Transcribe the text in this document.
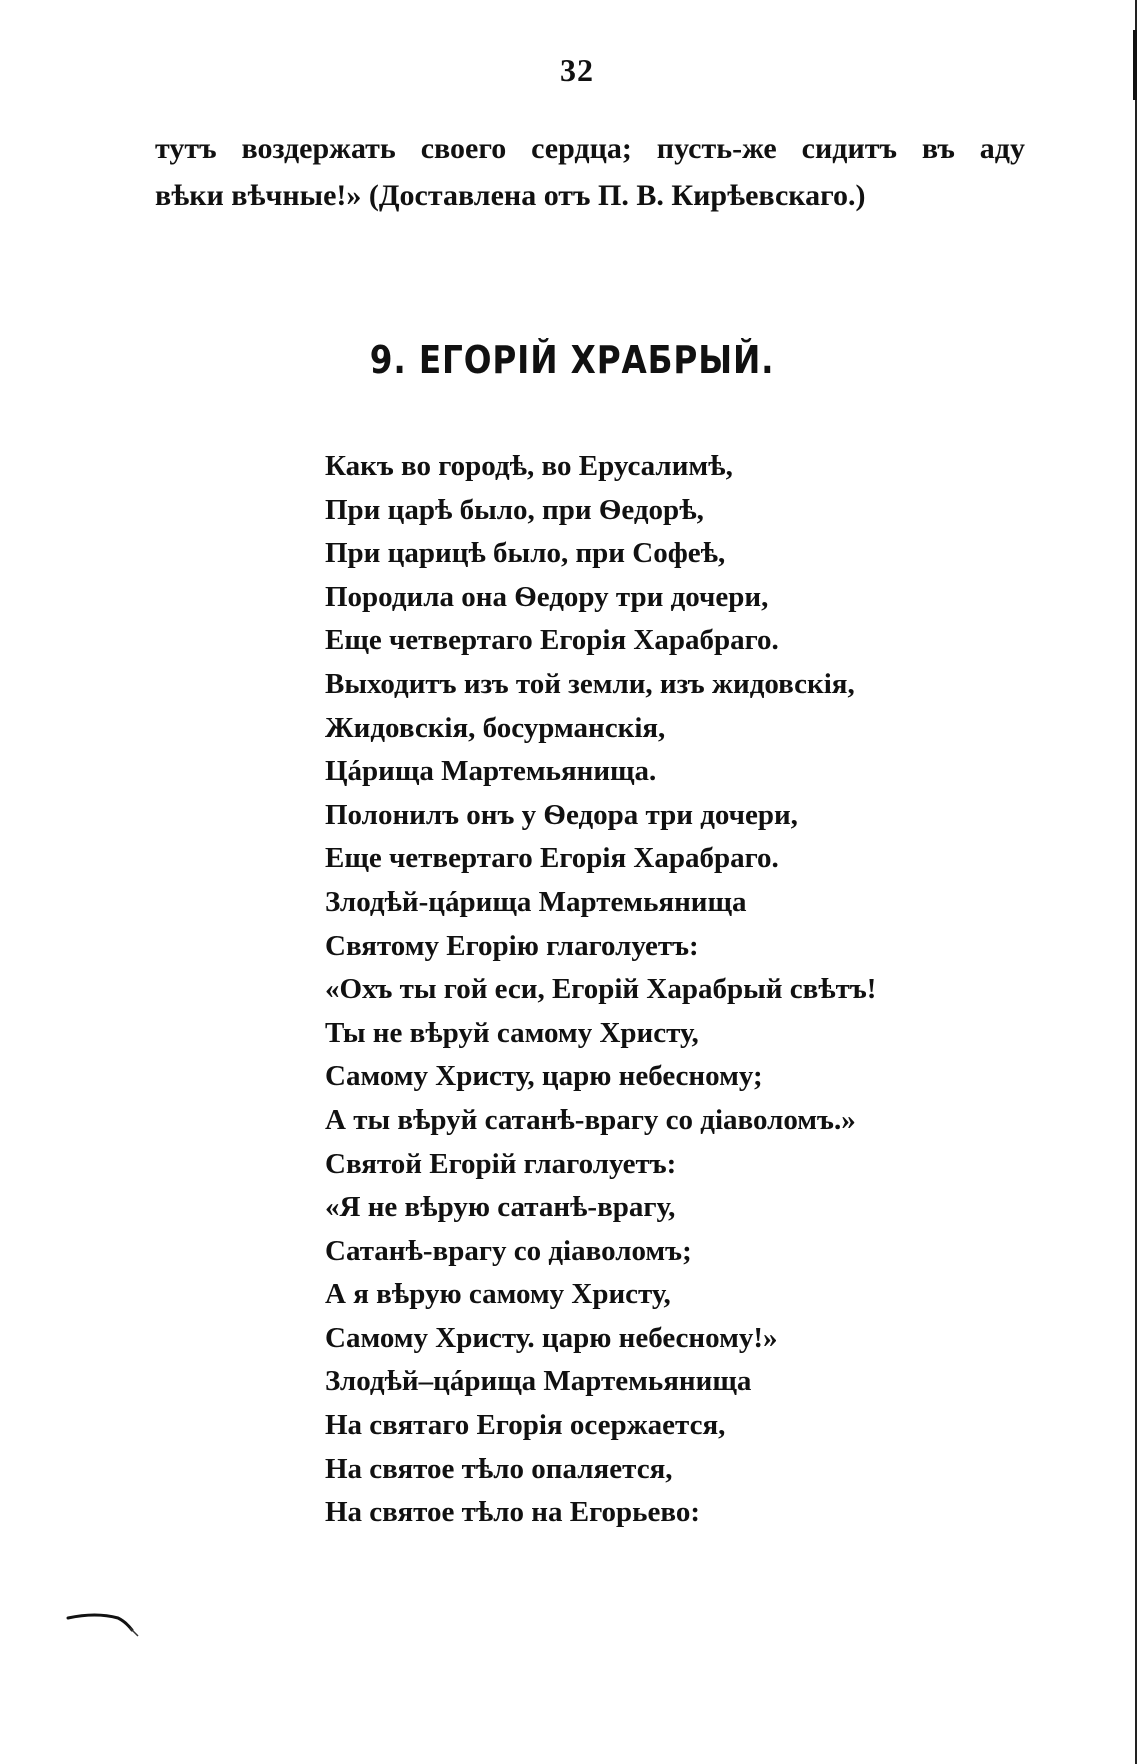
32
тутъ воздержать своего сердца; пусть-же сидитъ въ аду
вѣки вѣчные!» (Доставлена отъ П. В. Кирѣевскаго.)
9. ЕГОРІЙ ХРАБРЫЙ.
Какъ во городѣ, во Ерусалимѣ,
При царѣ было, при Ѳедорѣ,
При царицѣ было, при Софеѣ,
Породила она Ѳедору три дочери,
Еще четвертаго Егорія Харабраго.
Выходитъ изъ той земли, изъ жидовскія,
Жидовскія, босурманскія,
Цáрища Мартемьянища.
Полонилъ онъ у Ѳедора три дочери,
Еще четвертаго Егорія Харабраго.
Злодѣй-цáрища Мартемьянища
Святому Егорію глаголуетъ:
«Охъ ты гой еси, Егорій Харабрый свѣтъ!
Ты не вѣруй самому Христу,
Самому Христу, царю небесному;
А ты вѣруй сатанѣ-врагу со діаволомъ.»
Святой Егорій глаголуетъ:
«Я не вѣрую сатанѣ-врагу,
Сатанѣ-врагу со діаволомъ;
А я вѣрую самому Христу,
Самому Христу. царю небесному!»
Злодѣй–цáрища Мартемьянища
На святаго Егорія осержается,
На святое тѣло опаляется,
На святое тѣло на Егорьево:
